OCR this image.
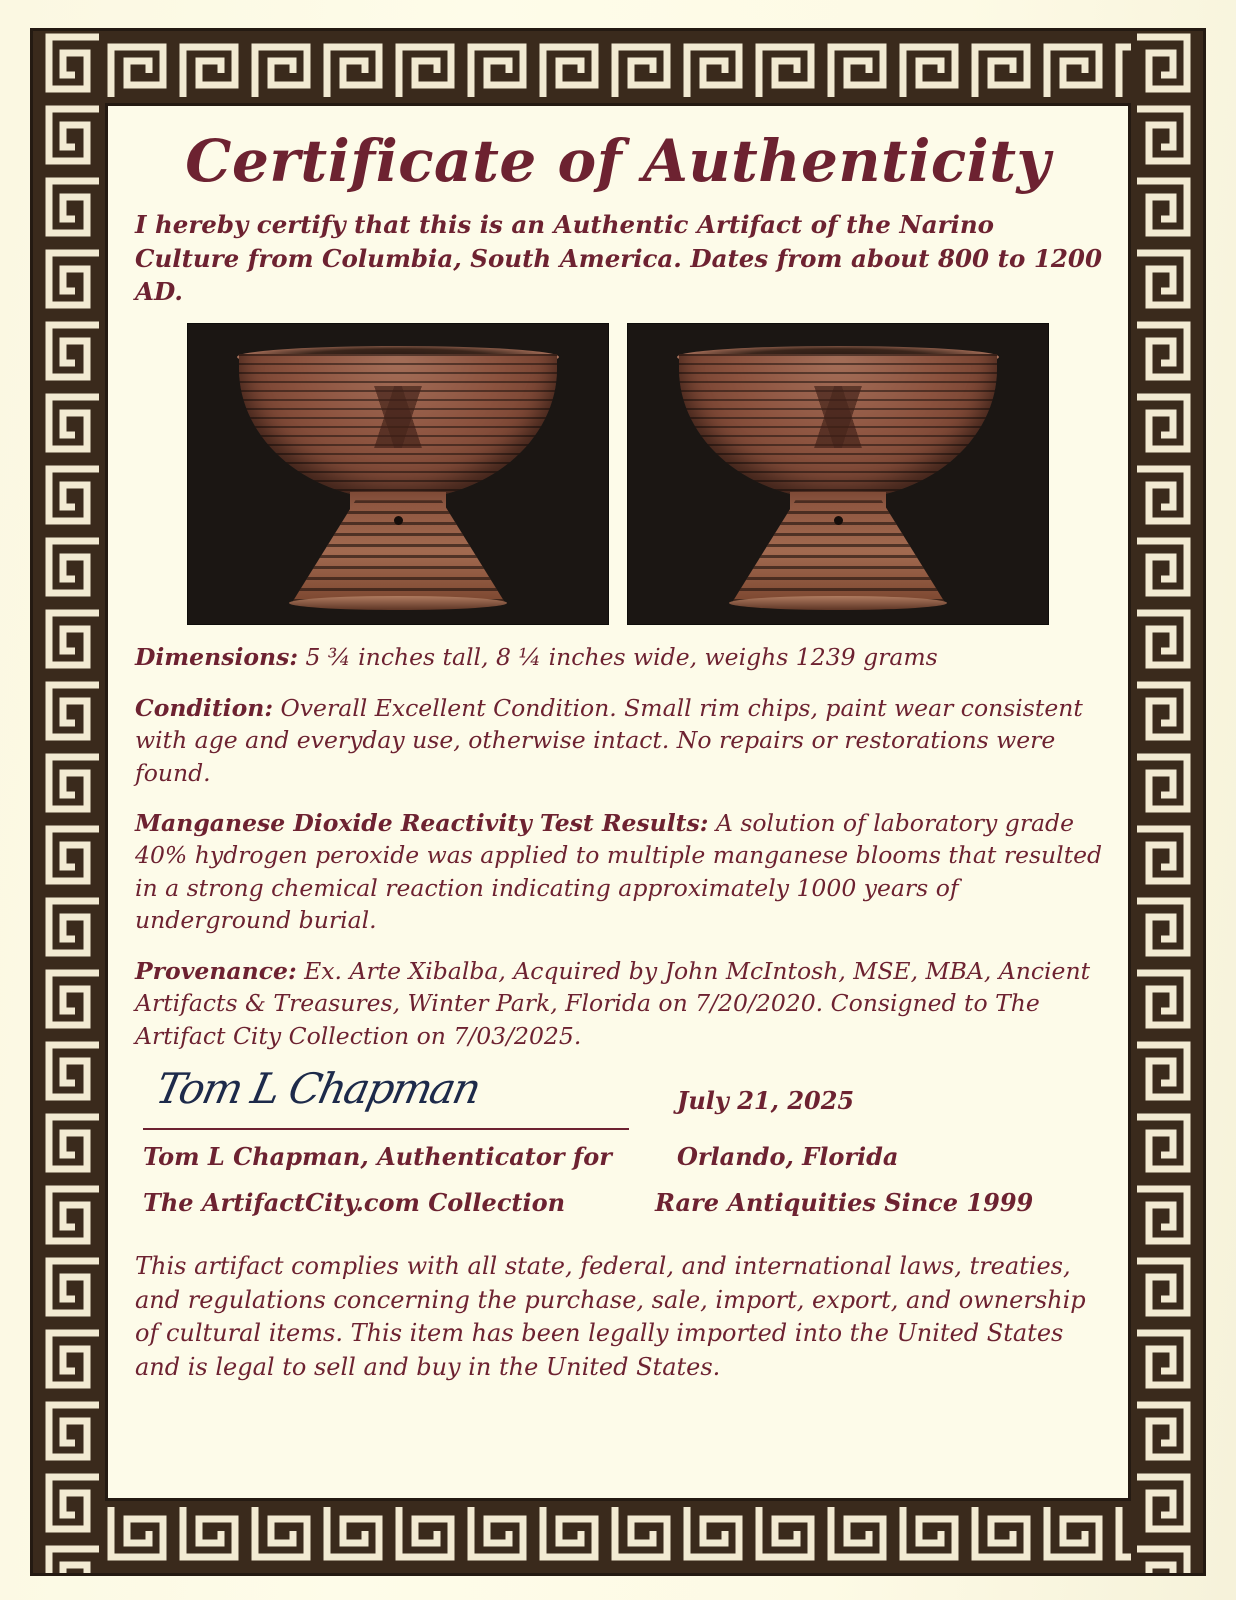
Certificate of Authenticity
I hereby certify that this is an Authentic Artifact of the Narino Culture from Columbia, South America. Dates from about 800 to 1200 AD.

Dimensions: 5 ¾ inches tall, 8 ¼ inches wide, weighs 1239 grams

Condition: Overall Excellent Condition. Small rim chips, paint wear consistent with age and everyday use, otherwise intact. No repairs or restorations were found.

Manganese Dioxide Reactivity Test Results: A solution of laboratory grade 40% hydrogen peroxide was applied to multiple manganese blooms that resulted in a strong chemical reaction indicating approximately 1000 years of underground burial.

Provenance: Ex. Arte Xibalba, Acquired by John McIntosh, MSE, MBA, Ancient Artifacts & Treasures, Winter Park, Florida on 7/20/2020. Consigned to The Artifact City Collection on 7/03/2025.

Tom L Chapman	July 21, 2025
Tom L Chapman, Authenticator for	Orlando, Florida
The ArtifactCity.com Collection	Rare Antiquities Since 1999

This artifact complies with all state, federal, and international laws, treaties, and regulations concerning the purchase, sale, import, export, and ownership of cultural items. This item has been legally imported into the United States and is legal to sell and buy in the United States.
